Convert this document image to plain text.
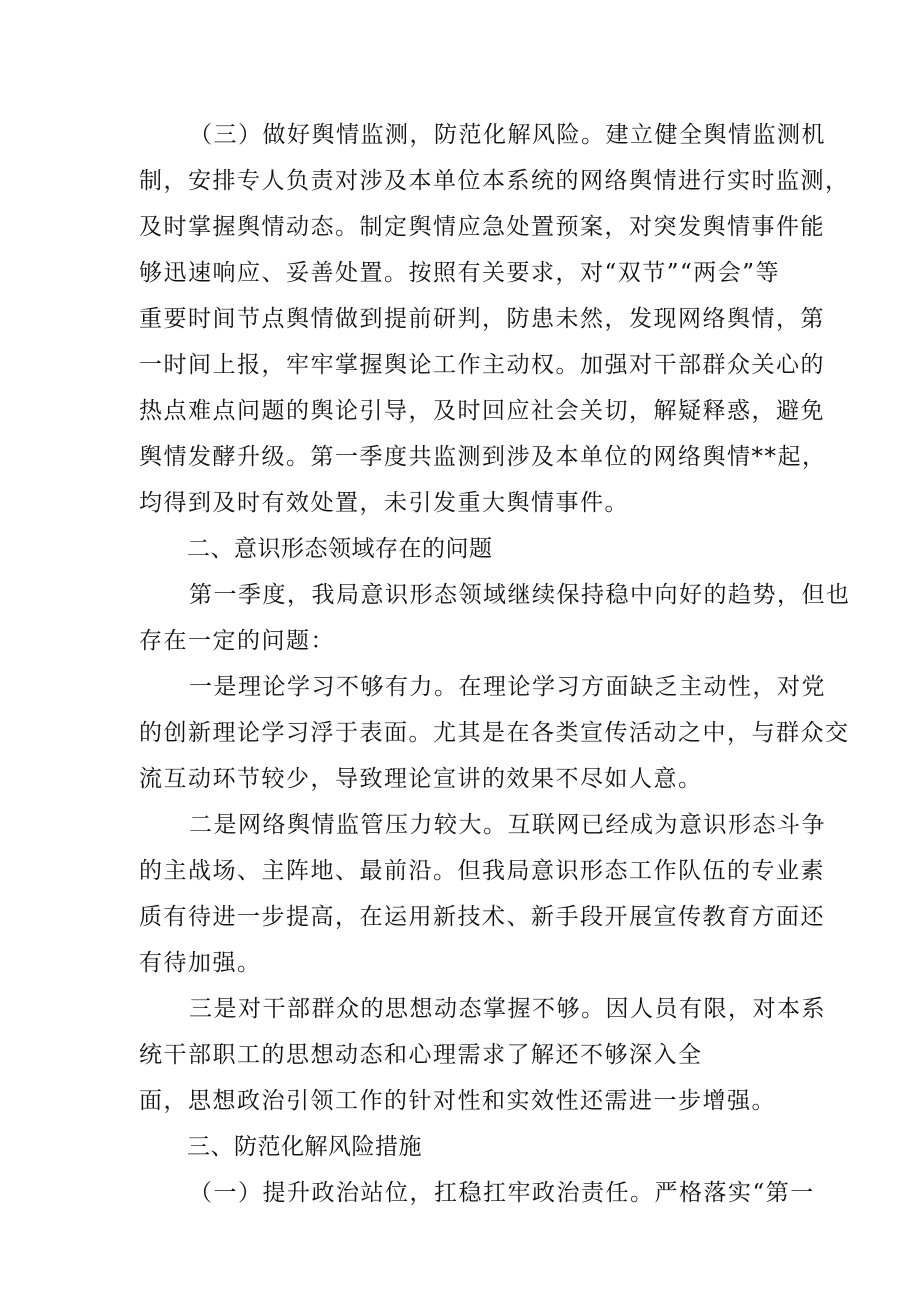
（三）做好舆情监测，防范化解风险。建立健全舆情监测机
制，安排专人负责对涉及本单位本系统的网络舆情进行实时监测，
及时掌握舆情动态。制定舆情应急处置预案，对突发舆情事件能
够迅速响应、妥善处置。按照有关要求，对“双节”“两会”等
重要时间节点舆情做到提前研判，防患未然，发现网络舆情，第
一时间上报，牢牢掌握舆论工作主动权。加强对干部群众关心的
热点难点问题的舆论引导，及时回应社会关切，解疑释惑，避免
舆情发酵升级。第一季度共监测到涉及本单位的网络舆情**起，
均得到及时有效处置，未引发重大舆情事件。
二、意识形态领域存在的问题
第一季度，我局意识形态领域继续保持稳中向好的趋势，但也
存在一定的问题：
一是理论学习不够有力。在理论学习方面缺乏主动性，对党
的创新理论学习浮于表面。尤其是在各类宣传活动之中，与群众交
流互动环节较少，导致理论宣讲的效果不尽如人意。
二是网络舆情监管压力较大。互联网已经成为意识形态斗争
的主战场、主阵地、最前沿。但我局意识形态工作队伍的专业素
质有待进一步提高，在运用新技术、新手段开展宣传教育方面还
有待加强。
三是对干部群众的思想动态掌握不够。因人员有限，对本系
统干部职工的思想动态和心理需求了解还不够深入全
面，思想政治引领工作的针对性和实效性还需进一步增强。
三、防范化解风险措施
（一）提升政治站位，扛稳扛牢政治责任。严格落实“第一
